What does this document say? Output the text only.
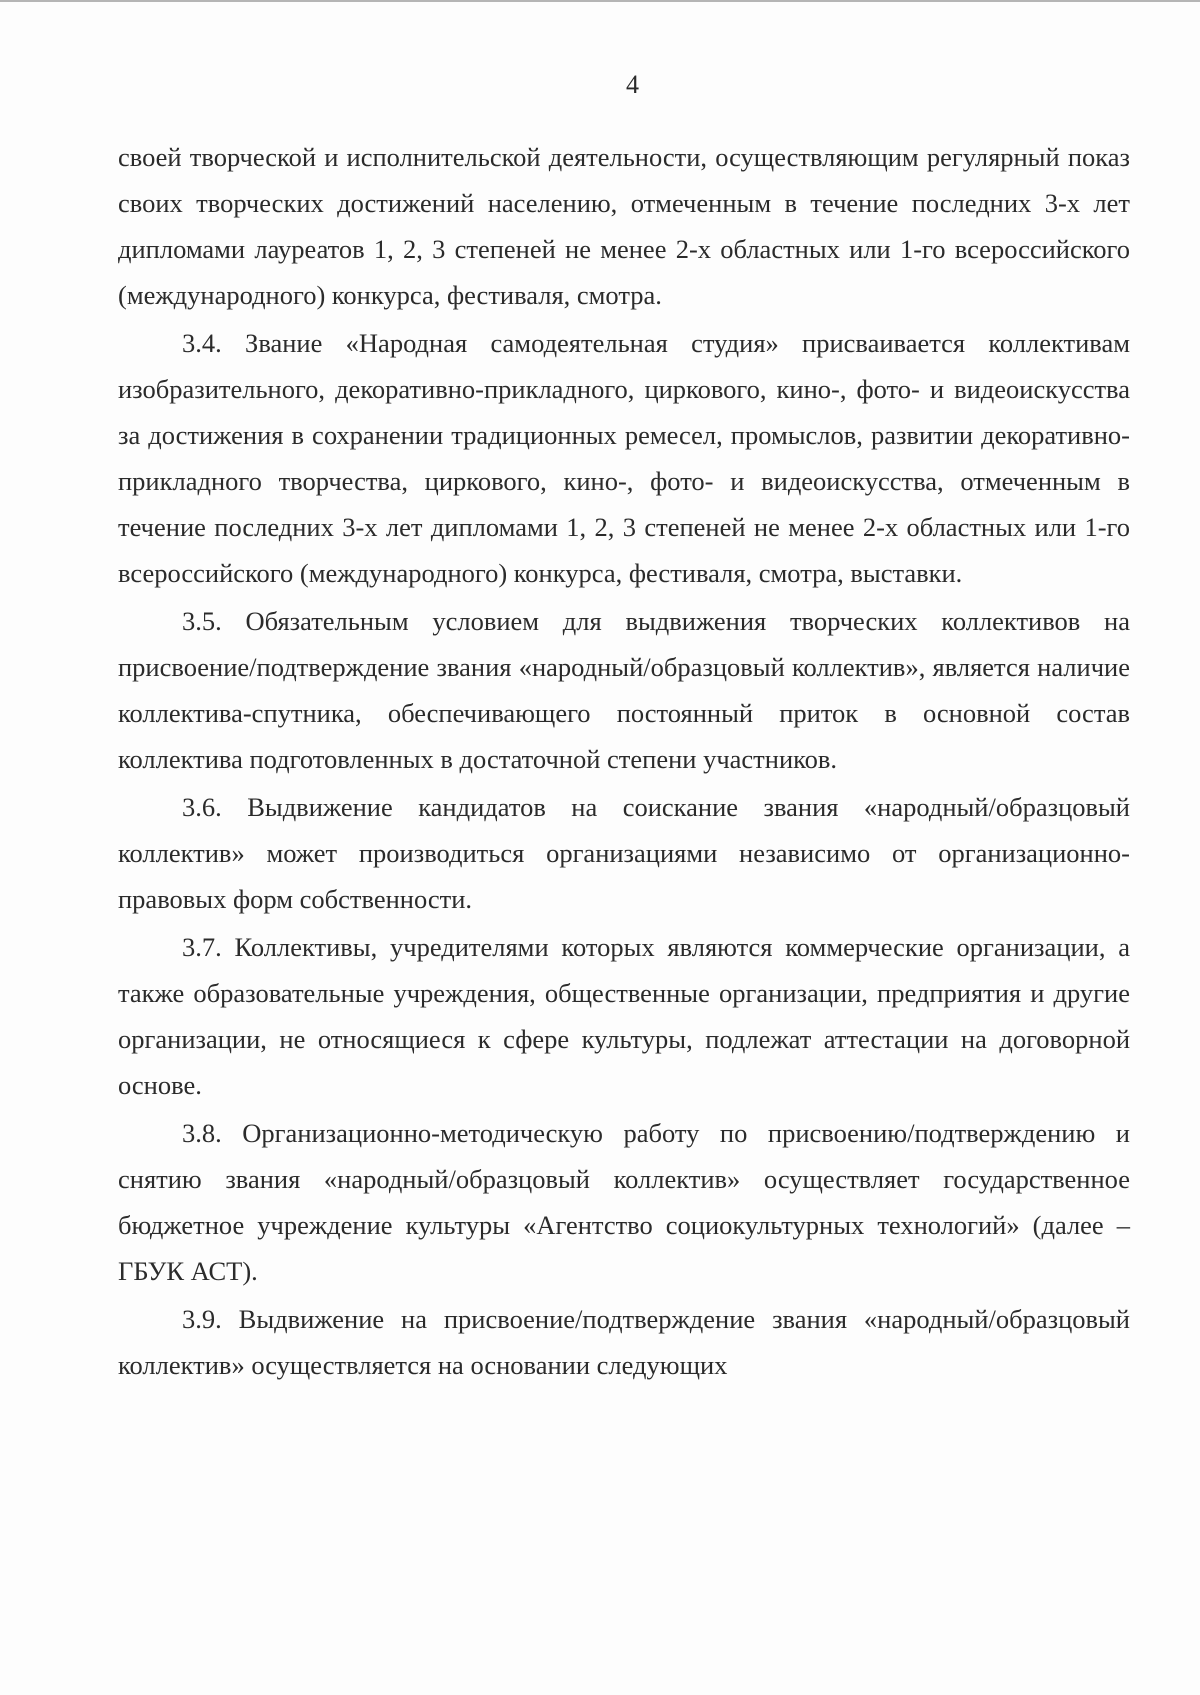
4

своей творческой и исполнительской деятельности, осуществляющим регулярный показ своих творческих достижений населению, отмеченным в течение последних 3-х лет дипломами лауреатов 1, 2, 3 степеней не менее 2-х областных или 1-го всероссийского (международного) конкурса, фестиваля, смотра.

3.4. Звание «Народная самодеятельная студия» присваивается коллективам изобразительного, декоративно-прикладного, циркового, кино-, фото- и видеоискусства за достижения в сохранении традиционных ремесел, промыслов, развитии декоративно-прикладного творчества, циркового, кино-, фото- и видеоискусства, отмеченным в течение последних 3-х лет дипломами 1, 2, 3 степеней не менее 2-х областных или 1-го всероссийского (международного) конкурса, фестиваля, смотра, выставки.

3.5. Обязательным условием для выдвижения творческих коллективов на присвоение/подтверждение звания «народный/образцовый коллектив», является наличие коллектива-спутника, обеспечивающего постоянный приток в основной состав коллектива подготовленных в достаточной степени участников.

3.6. Выдвижение кандидатов на соискание звания «народный/образцовый коллектив» может производиться организациями независимо от организационно-правовых форм собственности.

3.7. Коллективы, учредителями которых являются коммерческие организации, а также образовательные учреждения, общественные организации, предприятия и другие организации, не относящиеся к сфере культуры, подлежат аттестации на договорной основе.

3.8. Организационно-методическую работу по присвоению/подтверждению и снятию звания «народный/образцовый коллектив» осуществляет государственное бюджетное учреждение культуры «Агентство социокультурных технологий» (далее – ГБУК АСТ).

3.9. Выдвижение на присвоение/подтверждение звания «народный/образцовый коллектив» осуществляется на основании следующих
